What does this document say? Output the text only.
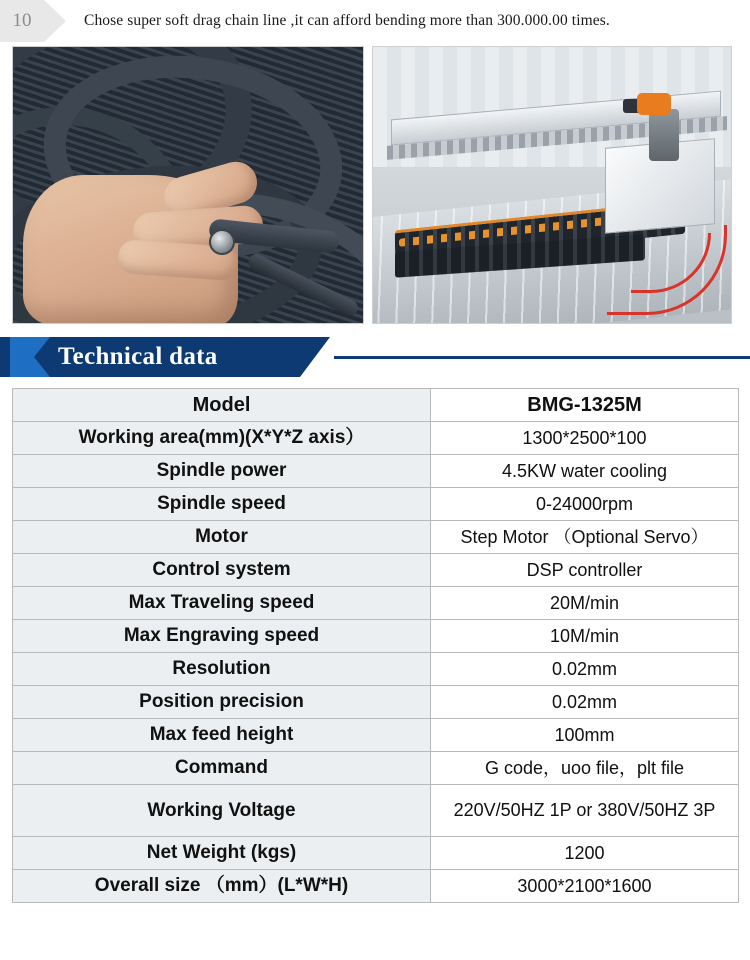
10	Chose super soft drag chain line ,it can afford bending more than 300.000.00 times.
Technical data
Model	BMG-1325M
Working area(mm)(X*Y*Z axis）	1300*2500*100
Spindle power	4.5KW water cooling
Spindle speed	0-24000rpm
Motor	Step Motor （Optional Servo）
Control system	DSP controller
Max Traveling speed	20M/min
Max Engraving speed	10M/min
Resolution	0.02mm
Position precision	0.02mm
Max feed height	100mm
Command	G code，uoo file，plt file
Working Voltage	220V/50HZ 1P or 380V/50HZ 3P
Net Weight (kgs)	1200
Overall size （mm）(L*W*H)	3000*2100*1600
